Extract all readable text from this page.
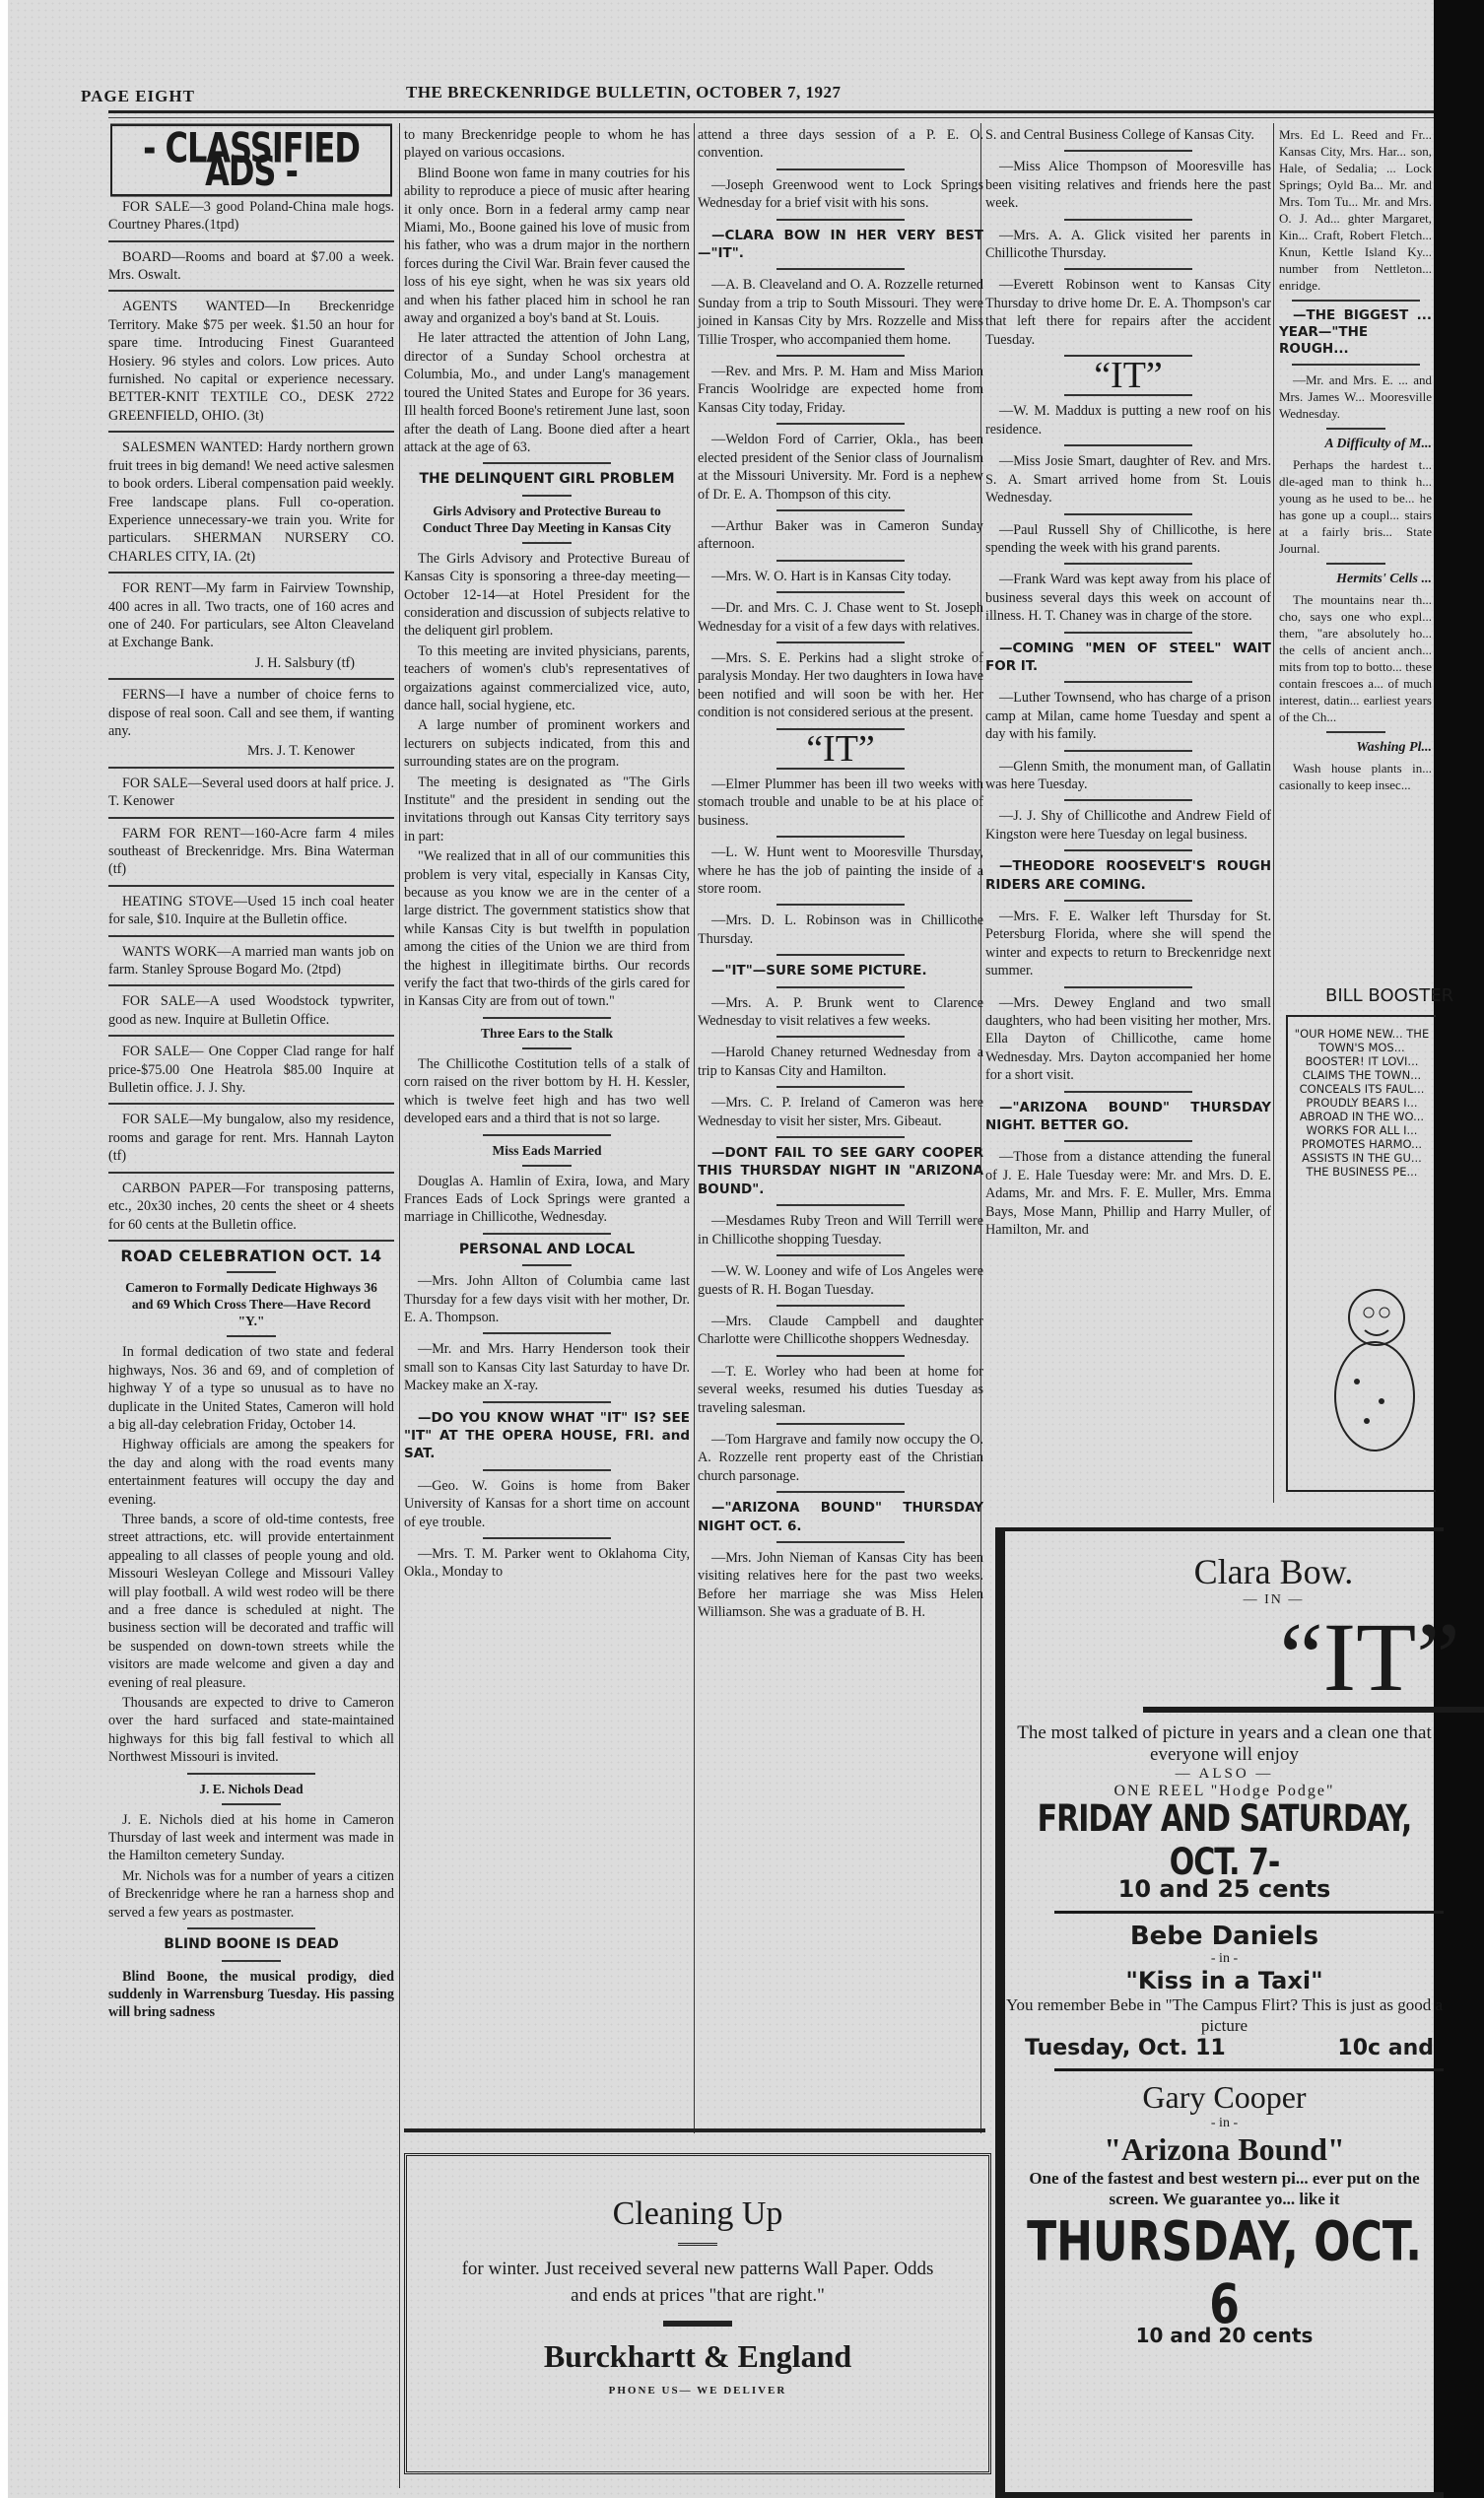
PAGE EIGHT	THE BRECKENRIDGE BULLETIN, OCTOBER 7, 1927
- CLASSIFIED ADS -

FOR SALE—3 good Poland-China male hogs. Courtney Phares.(1tpd)

BOARD—Rooms and board at $7.00 a week. Mrs. Oswalt.

AGENTS WANTED—In Breckenridge Territory. Make $75 per week. $1.50 an hour for spare time. Introducing Finest Guaranteed Hosiery. 96 styles and colors. Low prices. Auto furnished. No capital or experience necessary. BETTER-KNIT TEXTILE CO., DESK 2722 GREENFIELD, OHIO. (3t)

SALESMEN WANTED: Hardy northern grown fruit trees in big demand! We need active salesmen to book orders. Liberal compensation paid weekly. Free landscape plans. Full co-operation. Experience unnecessary-we train you. Write for particulars. SHERMAN NURSERY CO. CHARLES CITY, IA. (2t)

FOR RENT—My farm in Fairview Township, 400 acres in all. Two tracts, one of 160 acres and one of 240. For particulars, see Alton Cleaveland at Exchange Bank.

J. H. Salsbury (tf)

FERNS—I have a number of choice ferns to dispose of real soon. Call and see them, if wanting any.

Mrs. J. T. Kenower

FOR SALE—Several used doors at half price. J. T. Kenower

FARM FOR RENT—160-Acre farm 4 miles southeast of Breckenridge. Mrs. Bina Waterman (tf)

HEATING STOVE—Used 15 inch coal heater for sale, $10. Inquire at the Bulletin office.

WANTS WORK—A married man wants job on farm. Stanley Sprouse Bogard Mo. (2tpd)

FOR SALE—A used Woodstock typwriter, good as new. Inquire at Bulletin Office.

FOR SALE— One Copper Clad range for half price-$75.00 One Heatrola $85.00 Inquire at Bulletin office. J. J. Shy.

FOR SALE—My bungalow, also my residence, rooms and garage for rent. Mrs. Hannah Layton (tf)

CARBON PAPER—For transposing patterns, etc., 20x30 inches, 20 cents the sheet or 4 sheets for 60 cents at the Bulletin office.

ROAD CELEBRATION OCT. 14
Cameron to Formally Dedicate Highways 36 and 69 Which Cross There—Have Record "Y."

In formal dedication of two state and federal highways, Nos. 36 and 69, and of completion of highway Y of a type so unusual as to have no duplicate in the United States, Cameron will hold a big all-day celebration Friday, October 14.

Highway officials are among the speakers for the day and along with the road events many entertainment features will occupy the day and evening.

Three bands, a score of old-time contests, free street attractions, etc. will provide entertainment appealing to all classes of people young and old. Missouri Wesleyan College and Missouri Valley will play football. A wild west rodeo will be there and a free dance is scheduled at night. The business section will be decorated and traffic will be suspended on down-town streets while the visitors are made welcome and given a day and evening of real pleasure.

Thousands are expected to drive to Cameron over the hard surfaced and state-maintained highways for this big fall festival to which all Northwest Missouri is invited.

J. E. Nichols Dead

J. E. Nichols died at his home in Cameron Thursday of last week and interment was made in the Hamilton cemetery Sunday.

Mr. Nichols was for a number of years a citizen of Breckenridge where he ran a harness shop and served a few years as postmaster.

BLIND BOONE IS DEAD

Blind Boone, the musical prodigy, died suddenly in Warrensburg Tuesday. His passing will bring sadness

to many Breckenridge people to whom he has played on various occasions.

Blind Boone won fame in many coutries for his ability to reproduce a piece of music after hearing it only once. Born in a federal army camp near Miami, Mo., Boone gained his love of music from his father, who was a drum major in the northern forces during the Civil War. Brain fever caused the loss of his eye sight, when he was six years old and when his father placed him in school he ran away and organized a boy's band at St. Louis.

He later attracted the attention of John Lang, director of a Sunday School orchestra at Columbia, Mo., and under Lang's management toured the United States and Europe for 36 years. Ill health forced Boone's retirement June last, soon after the death of Lang. Boone died after a heart attack at the age of 63.

THE DELINQUENT GIRL PROBLEM
Girls Advisory and Protective Bureau to Conduct Three Day Meeting in Kansas City

The Girls Advisory and Protective Bureau of Kansas City is sponsoring a three-day meeting—October 12-14—at Hotel President for the consideration and discussion of subjects relative to the deliquent girl problem.

To this meeting are invited physicians, parents, teachers of women's club's representatives of orgaizations against commercialized vice, auto, dance hall, social hygiene, etc.

A large number of prominent workers and lecturers on subjects indicated, from this and surrounding states are on the program.

The meeting is designated as "The Girls Institute" and the president in sending out the invitations through out Kansas City territory says in part:

"We realized that in all of our communities this problem is very vital, especially in Kansas City, because as you know we are in the center of a large district. The government statistics show that while Kansas City is but twelfth in population among the cities of the Union we are third from the highest in illegitimate births. Our records verify the fact that two-thirds of the girls cared for in Kansas City are from out of town."

Three Ears to the Stalk

The Chillicothe Costitution tells of a stalk of corn raised on the river bottom by H. H. Kessler, which is twelve feet high and has two well developed ears and a third that is not so large.

Miss Eads Married

Douglas A. Hamlin of Exira, Iowa, and Mary Frances Eads of Lock Springs were granted a marriage in Chillicothe, Wednesday.

PERSONAL AND LOCAL

—Mrs. John Allton of Columbia came last Thursday for a few days visit with her mother, Dr. E. A. Thompson.

—Mr. and Mrs. Harry Henderson took their small son to Kansas City last Saturday to have Dr. Mackey make an X-ray.

—DO YOU KNOW WHAT "IT" IS? SEE "IT" AT THE OPERA HOUSE, FRI. and SAT.

—Geo. W. Goins is home from Baker University of Kansas for a short time on account of eye trouble.

—Mrs. T. M. Parker went to Oklahoma City, Okla., Monday to

attend a three days session of a P. E. O. convention.

—Joseph Greenwood went to Lock Springs Wednesday for a brief visit with his sons.

—CLARA BOW IN HER VERY BEST—"IT".

—A. B. Cleaveland and O. A. Rozzelle returned Sunday from a trip to South Missouri. They were joined in Kansas City by Mrs. Rozzelle and Miss Tillie Trosper, who accompanied them home.

—Rev. and Mrs. P. M. Ham and Miss Marion Francis Woolridge are expected home from Kansas City today, Friday.

—Weldon Ford of Carrier, Okla., has been elected president of the Senior class of Journalism at the Missouri University. Mr. Ford is a nephew of Dr. E. A. Thompson of this city.

—Arthur Baker was in Cameron Sunday afternoon.

—Mrs. W. O. Hart is in Kansas City today.

—Dr. and Mrs. C. J. Chase went to St. Joseph Wednesday for a visit of a few days with relatives.

—Mrs. S. E. Perkins had a slight stroke of paralysis Monday. Her two daughters in Iowa have been notified and will soon be with her. Her condition is not considered serious at the present.

“IT”

—Elmer Plummer has been ill two weeks with stomach trouble and unable to be at his place of business.

—L. W. Hunt went to Mooresville Thursday, where he has the job of painting the inside of a store room.

—Mrs. D. L. Robinson was in Chillicothe Thursday.

—"IT"—SURE SOME PICTURE.

—Mrs. A. P. Brunk went to Clarence Wednesday to visit relatives a few weeks.

—Harold Chaney returned Wednesday from a trip to Kansas City and Hamilton.

—Mrs. C. P. Ireland of Cameron was here Wednesday to visit her sister, Mrs. Gibeaut.

—DONT FAIL TO SEE GARY COOPER THIS THURSDAY NIGHT IN "ARIZONA BOUND".

—Mesdames Ruby Treon and Will Terrill were in Chillicothe shopping Tuesday.

—W. W. Looney and wife of Los Angeles were guests of R. H. Bogan Tuesday.

—Mrs. Claude Campbell and daughter Charlotte were Chillicothe shoppers Wednesday.

—T. E. Worley who had been at home for several weeks, resumed his duties Tuesday as traveling salesman.

—Tom Hargrave and family now occupy the O. A. Rozzelle rent property east of the Christian church parsonage.

—"ARIZONA BOUND" THURSDAY NIGHT OCT. 6.

—Mrs. John Nieman of Kansas City has been visiting relatives here for the past two weeks. Before her marriage she was Miss Helen Williamson. She was a graduate of B. H.

S. and Central Business College of Kansas City.

—Miss Alice Thompson of Mooresville has been visiting relatives and friends here the past week.

—Mrs. A. A. Glick visited her parents in Chillicothe Thursday.

—Everett Robinson went to Kansas City Thursday to drive home Dr. E. A. Thompson's car that left there for repairs after the accident Tuesday.

“IT”

—W. M. Maddux is putting a new roof on his residence.

—Miss Josie Smart, daughter of Rev. and Mrs. S. A. Smart arrived home from St. Louis Wednesday.

—Paul Russell Shy of Chillicothe, is here spending the week with his grand parents.

—Frank Ward was kept away from his place of business several days this week on account of illness. H. T. Chaney was in charge of the store.

—COMING "MEN OF STEEL" WAIT FOR IT.

—Luther Townsend, who has charge of a prison camp at Milan, came home Tuesday and spent a day with his family.

—Glenn Smith, the monument man, of Gallatin was here Tuesday.

—J. J. Shy of Chillicothe and Andrew Field of Kingston were here Tuesday on legal business.

—THEODORE ROOSEVELT'S ROUGH RIDERS ARE COMING.

—Mrs. F. E. Walker left Thursday for St. Petersburg Florida, where she will spend the winter and expects to return to Breckenridge next summer.

—Mrs. Dewey England and two small daughters, who had been visiting her mother, Mrs. Ella Dayton of Chillicothe, came home Wednesday. Mrs. Dayton accompanied her home for a short visit.

—"ARIZONA BOUND" THURSDAY NIGHT. BETTER GO.

—Those from a distance attending the funeral of J. E. Hale Tuesday were: Mr. and Mrs. D. E. Adams, Mr. and Mrs. F. E. Muller, Mrs. Emma Bays, Mose Mann, Phillip and Harry Muller, of Hamilton, Mr. and

Mrs. Ed L. Reed and Fr... Kansas City, Mrs. Har... son, Hale, of Sedalia; ... Lock Springs; Oyld Ba... Mr. and Mrs. Tom Tu... Mr. and Mrs. O. J. Ad... ghter Margaret, Kin... Craft, Robert Fletch... Knun, Kettle Island Ky... number from Nettleton... enridge.

—THE BIGGEST ... YEAR—"THE ROUGH...

—Mr. and Mrs. E. ... and Mrs. James W... Mooresville Wednesday.

A Difficulty of M...

Perhaps the hardest t... dle-aged man to think h... young as he used to be... he has gone up a coupl... stairs at a fairly bris... State Journal.

Hermits' Cells ...

The mountains near th... cho, says one who expl... them, "are absolutely ho... the cells of ancient anch... mits from top to botto... these contain frescoes a... of much interest, datin... earliest years of the Ch...

Washing Pl...

Wash house plants in... casionally to keep insec...

BILL BOOSTER
"OUR HOME NEW... THE TOWN'S MOS... BOOSTER! IT LOVI... CLAIMS THE TOWN... CONCEALS ITS FAUL... PROUDLY BEARS I... ABROAD IN THE WO... WORKS FOR ALL I... PROMOTES HARMO... ASSISTS IN THE GU... THE BUSINESS PE...
Cleaning Up
for winter. Just received several new patterns Wall Paper. Odds and ends at prices "that are right."
Burckhartt & England
PHONE US— WE DELIVER
Clara Bow.
— IN —
“IT”
The most talked of picture in years and a clean one that everyone will enjoy
— ALSO —
ONE REEL "Hodge Podge"
FRIDAY AND SATURDAY, OCT. 7-
10 and 25 cents
Bebe Daniels
- in -
"Kiss in a Taxi"
You remember Bebe in "The Campus Flirt? This is just as good a picture
Tuesday, Oct. 11	10c and
Gary Cooper
- in -
"Arizona Bound"
One of the fastest and best western pi... ever put on the screen. We guarantee yo... like it
THURSDAY, OCT. 6
10 and 20 cents
